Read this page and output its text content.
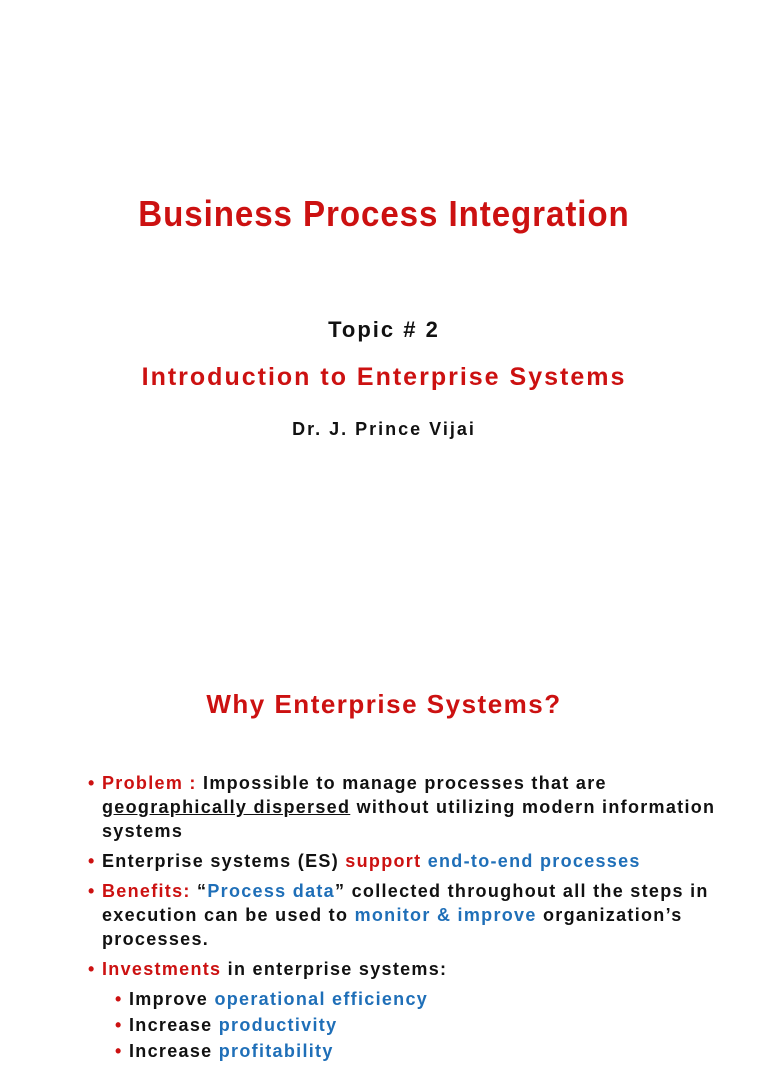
Business Process Integration
Topic # 2
Introduction to Enterprise Systems
Dr. J. Prince Vijai
Why Enterprise Systems?
• Problem : Impossible to manage processes that are geographically dispersed without utilizing modern information systems
• Enterprise systems (ES) support end-to-end processes
• Benefits: “Process data” collected throughout all the steps in execution can be used to monitor & improve organization’s processes.
• Investments in enterprise systems:
• Improve operational efficiency
• Increase productivity
• Increase profitability
